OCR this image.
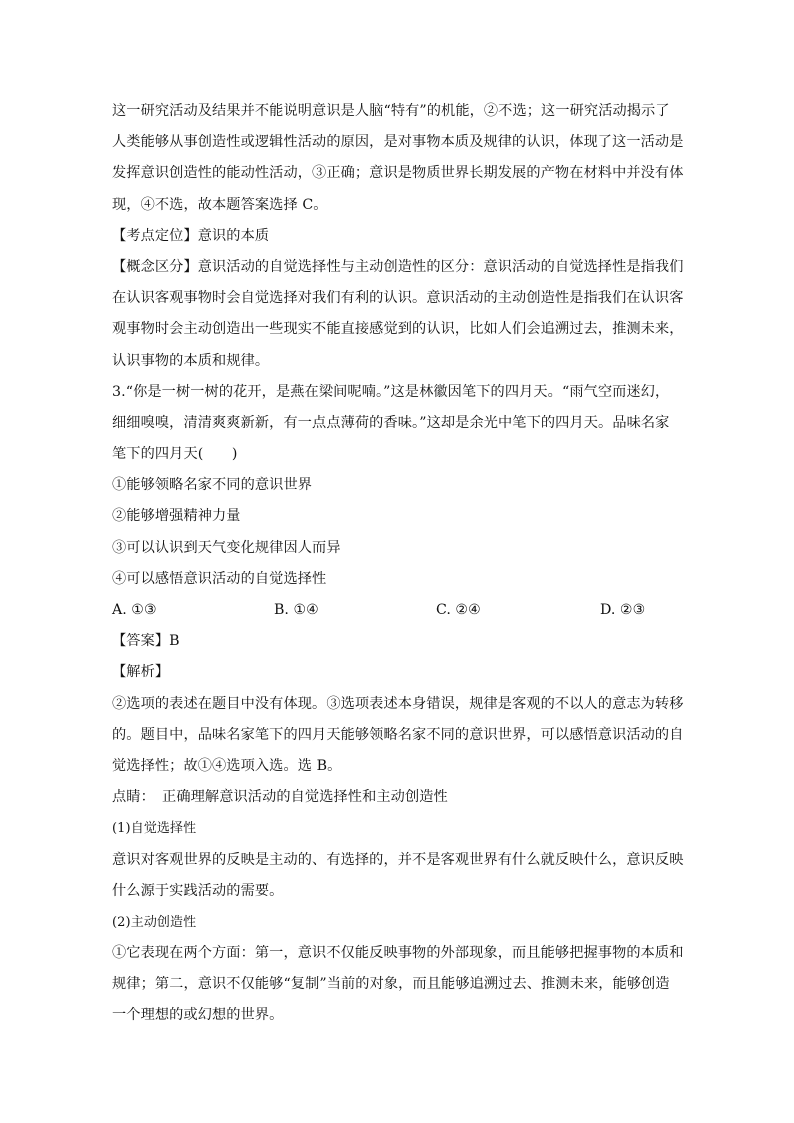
这一研究活动及结果并不能说明意识是人脑“特有”的机能，②不选；这一研究活动揭示了
人类能够从事创造性或逻辑性活动的原因，是对事物本质及规律的认识，体现了这一活动是
发挥意识创造性的能动性活动，③正确；意识是物质世界长期发展的产物在材料中并没有体
现，④不选，故本题答案选择 C。
【考点定位】意识的本质
【概念区分】意识活动的自觉选择性与主动创造性的区分：意识活动的自觉选择性是指我们
在认识客观事物时会自觉选择对我们有利的认识。意识活动的主动创造性是指我们在认识客
观事物时会主动创造出一些现实不能直接感觉到的认识，比如人们会追溯过去，推测未来，
认识事物的本质和规律。
3.“你是一树一树的花开，是燕在梁间呢喃。”这是林徽因笔下的四月天。“雨气空而迷幻，
细细嗅嗅，清清爽爽新新，有一点点薄荷的香味。”这却是余光中笔下的四月天。品味名家
笔下的四月天(　　)
①能够领略名家不同的意识世界
②能够增强精神力量
③可以认识到天气变化规律因人而异
④可以感悟意识活动的自觉选择性
A. ①③	B. ①④	C. ②④	D. ②③
【答案】B
【解析】
②选项的表述在题目中没有体现。③选项表述本身错误，规律是客观的不以人的意志为转移
的。题目中，品味名家笔下的四月天能够领略名家不同的意识世界，可以感悟意识活动的自
觉选择性；故①④选项入选。选 B。
点睛：　正确理解意识活动的自觉选择性和主动创造性
(1)自觉选择性
意识对客观世界的反映是主动的、有选择的，并不是客观世界有什么就反映什么，意识反映
什么源于实践活动的需要。
(2)主动创造性
①它表现在两个方面：第一，意识不仅能反映事物的外部现象，而且能够把握事物的本质和
规律；第二，意识不仅能够“复制”当前的对象，而且能够追溯过去、推测未来，能够创造
一个理想的或幻想的世界。
